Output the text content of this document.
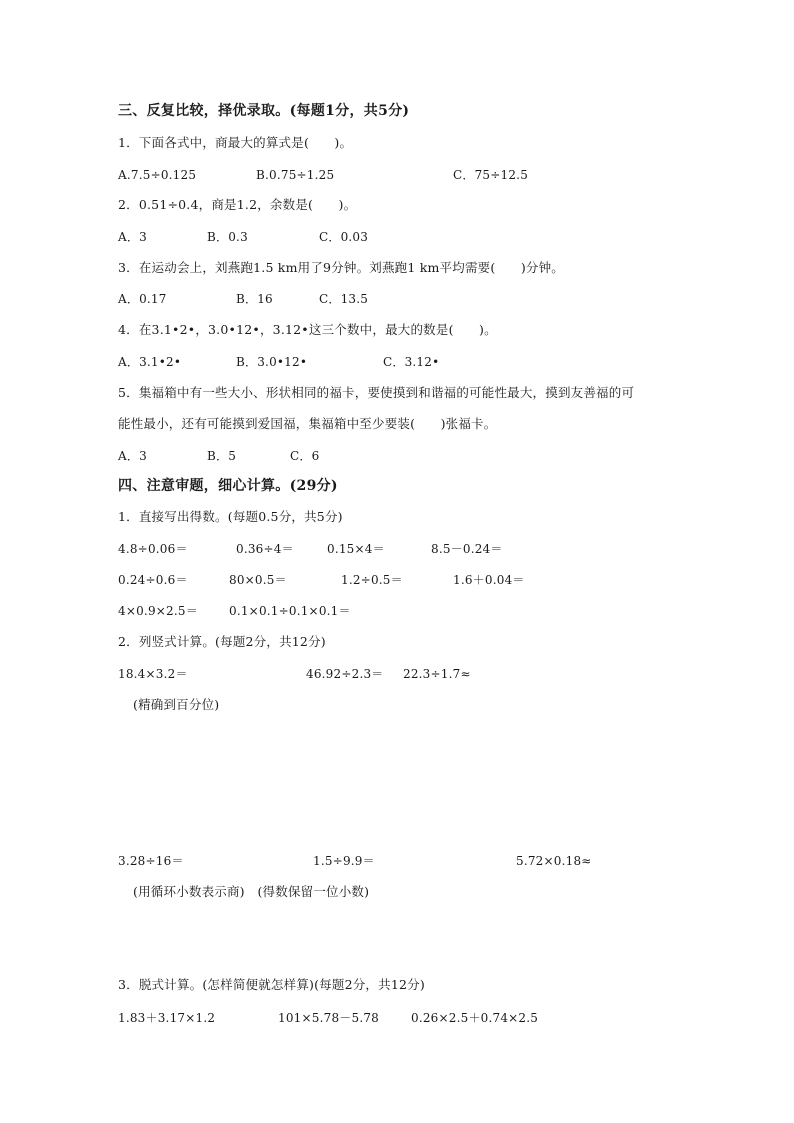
三、反复比较，择优录取。(每题1分，共5分)
1．下面各式中，商最大的算式是(　　)。
A.7.5÷0.125	B.0.75÷1.25	C．75÷12.5
2．0.51÷0.4，商是1.2，余数是(　　)。
A．3	B．0.3	C．0.03
3．在运动会上，刘燕跑1.5 km用了9分钟。刘燕跑1 km平均需要(　　)分钟。
A．0.17	B．16	C．13.5
4．在3.1•2•，3.0•12•，3.12•这三个数中，最大的数是(　　)。
A．3.1•2•	B．3.0•12•	C．3.12•
5．集福箱中有一些大小、形状相同的福卡，要使摸到和谐福的可能性最大，摸到友善福的可
能性最小，还有可能摸到爱国福，集福箱中至少要装(　　)张福卡。
A．3	B．5	C．6
四、注意审题，细心计算。(29分)
1．直接写出得数。(每题0.5分，共5分)
4.8÷0.06＝	0.36÷4＝	0.15×4＝	8.5－0.24＝
0.24÷0.6＝	80×0.5＝	1.2÷0.5＝	1.6＋0.04＝
4×0.9×2.5＝	0.1×0.1÷0.1×0.1＝
2．列竖式计算。(每题2分，共12分)
18.4×3.2＝	46.92÷2.3＝ 22.3÷1.7≈
(精确到百分位)
3.28÷16＝	1.5÷9.9＝	5.72×0.18≈
(用循环小数表示商)　(得数保留一位小数)
3．脱式计算。(怎样简便就怎样算)(每题2分，共12分)
1.83＋3.17×1.2	101×5.78－5.78	0.26×2.5＋0.74×2.5
